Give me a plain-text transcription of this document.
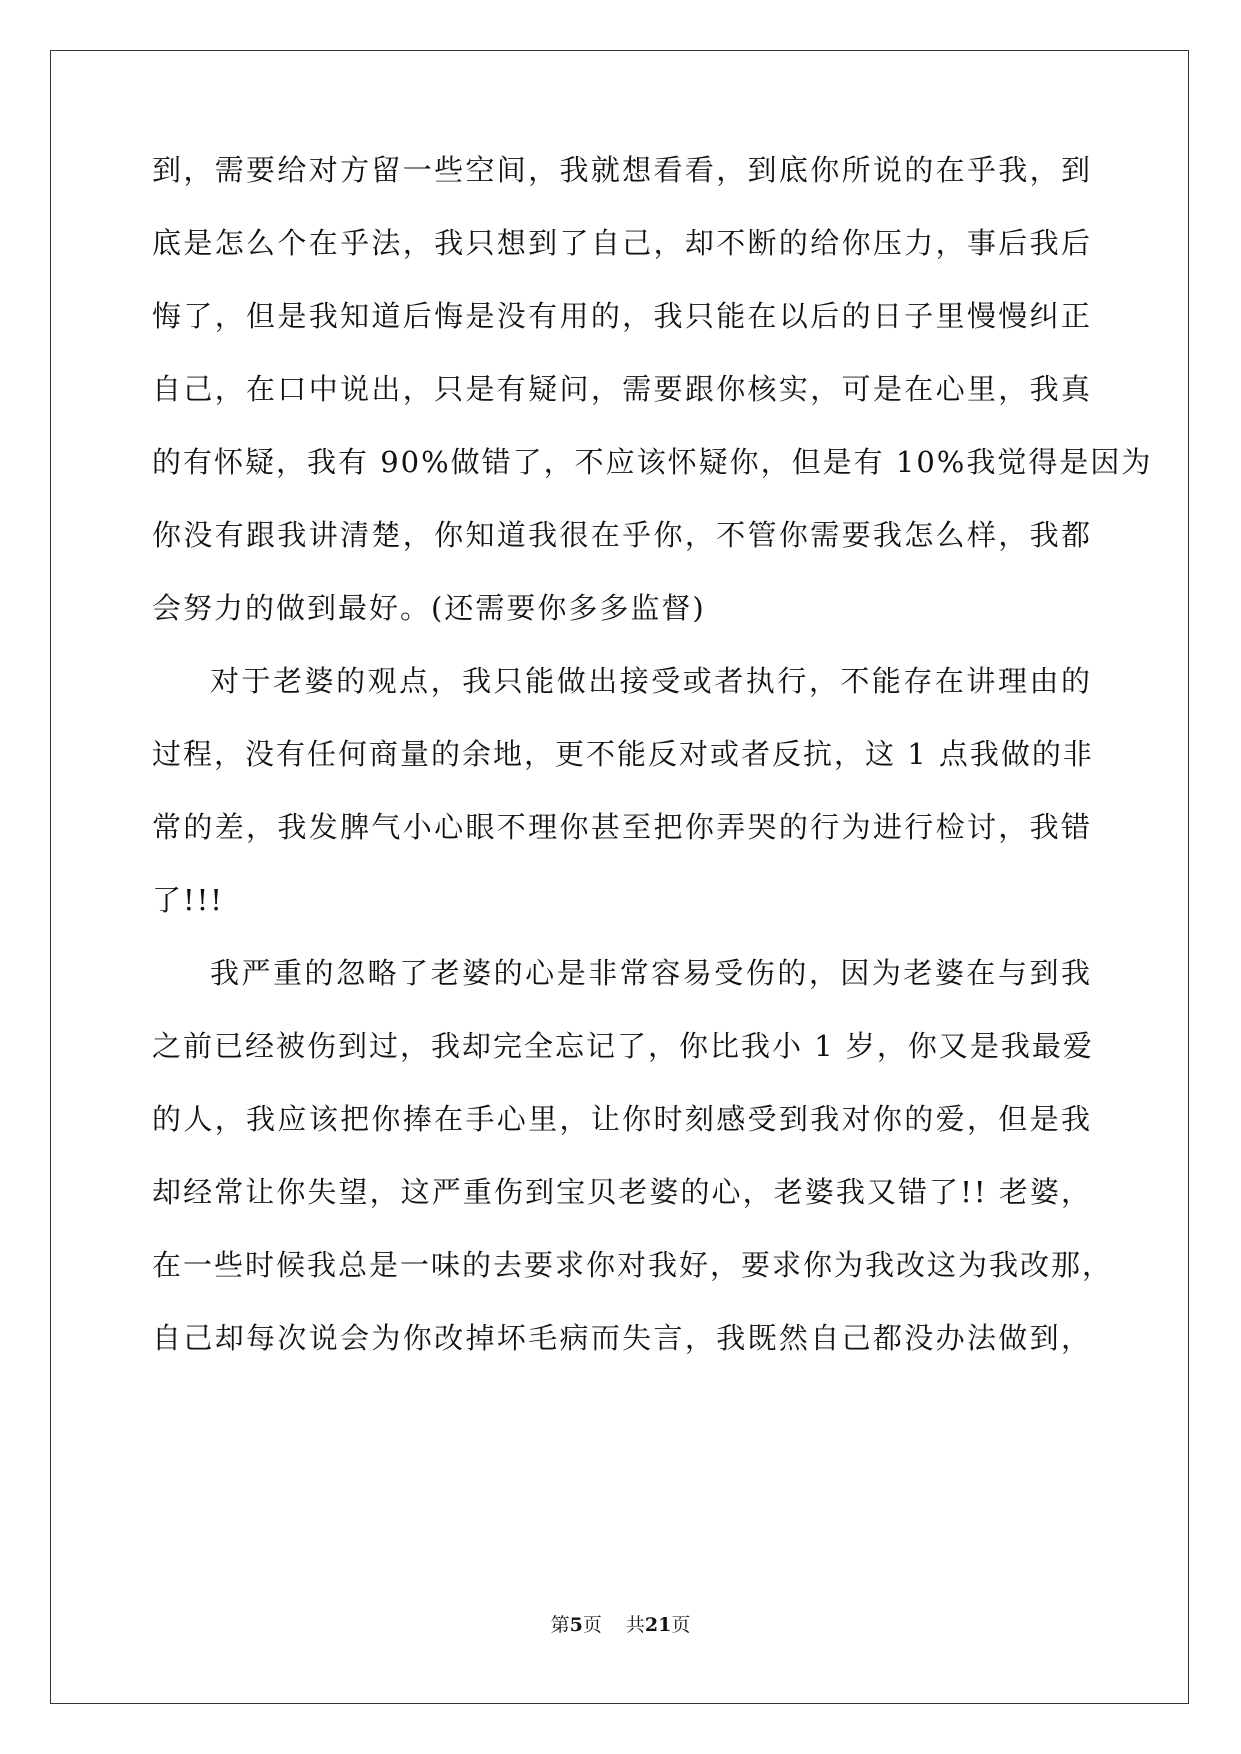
到，需要给对方留一些空间，我就想看看，到底你所说的在乎我，到
底是怎么个在乎法，我只想到了自己，却不断的给你压力，事后我后
悔了，但是我知道后悔是没有用的，我只能在以后的日子里慢慢纠正
自己，在口中说出，只是有疑问，需要跟你核实，可是在心里，我真
的有怀疑，我有 90%做错了，不应该怀疑你，但是有 10%我觉得是因为
你没有跟我讲清楚，你知道我很在乎你，不管你需要我怎么样，我都
会努力的做到最好。(还需要你多多监督)
对于老婆的观点，我只能做出接受或者执行，不能存在讲理由的
过程，没有任何商量的余地，更不能反对或者反抗，这 1 点我做的非
常的差，我发脾气小心眼不理你甚至把你弄哭的行为进行检讨，我错
了!!!
我严重的忽略了老婆的心是非常容易受伤的，因为老婆在与到我
之前已经被伤到过，我却完全忘记了，你比我小 1 岁，你又是我最爱
的人，我应该把你捧在手心里，让你时刻感受到我对你的爱，但是我
却经常让你失望，这严重伤到宝贝老婆的心，老婆我又错了!! 老婆，
在一些时候我总是一味的去要求你对我好，要求你为我改这为我改那，
自己却每次说会为你改掉坏毛病而失言，我既然自己都没办法做到，
第5页 共21页
